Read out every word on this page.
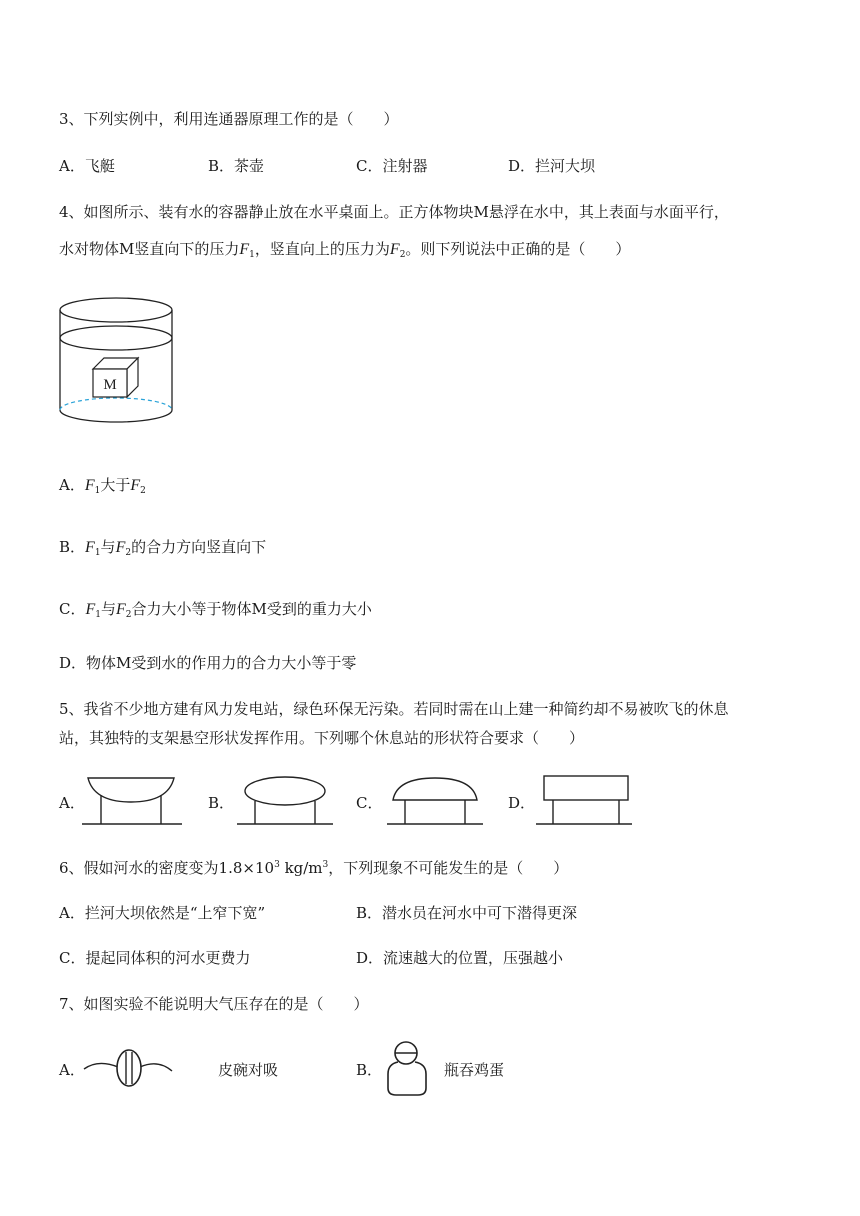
3、下列实例中，利用连通器原理工作的是（　　）
A．飞艇	B．茶壶	C．注射器	D．拦河大坝
4、如图所示、装有水的容器静止放在水平桌面上。正方体物块M悬浮在水中，其上表面与水面平行，
水对物体M竖直向下的压力$F_1$，竖直向上的压力为$F_2$。则下列说法中正确的是（　　）
M
A．$F_1$大于$F_2$
B．$F_1$与$F_2$的合力方向竖直向下
C．$F_1$与$F_2$合力大小等于物体M受到的重力大小
D．物体M受到水的作用力的合力大小等于零
5、我省不少地方建有风力发电站，绿色环保无污染。若同时需在山上建一种简约却不易被吹飞的休息
站，其独特的支架悬空形状发挥作用。下列哪个休息站的形状符合要求（　　）
A．	B．	C．	D．
6、假如河水的密度变为$1.8\times 10^3$ $kg/m^3$，下列现象不可能发生的是（　　）
A．拦河大坝依然是“上窄下宽”	B．潜水员在河水中可下潜得更深
C．提起同体积的河水更费力	D．流速越大的位置，压强越小
7、如图实验不能说明大气压存在的是（　　）
A．	皮碗对吸	B．	瓶吞鸡蛋
